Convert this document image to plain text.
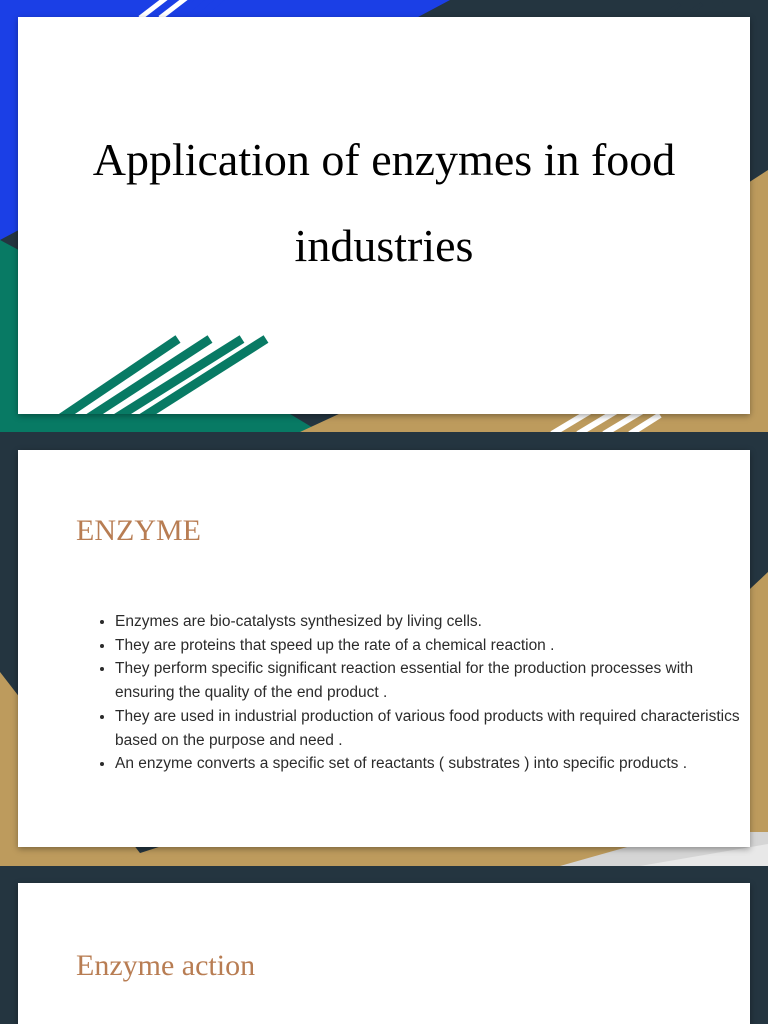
Application of enzymes in food industries
ENZYME
• Enzymes are bio-catalysts synthesized by living cells.
• They are proteins that speed up the rate of a chemical reaction .
• They perform specific significant reaction essential for the production processes with ensuring the quality of the end product .
• They are used in industrial production of various food products with required characteristics based on the purpose and need .
• An enzyme converts a specific set of reactants ( substrates ) into specific products .
Enzyme action
